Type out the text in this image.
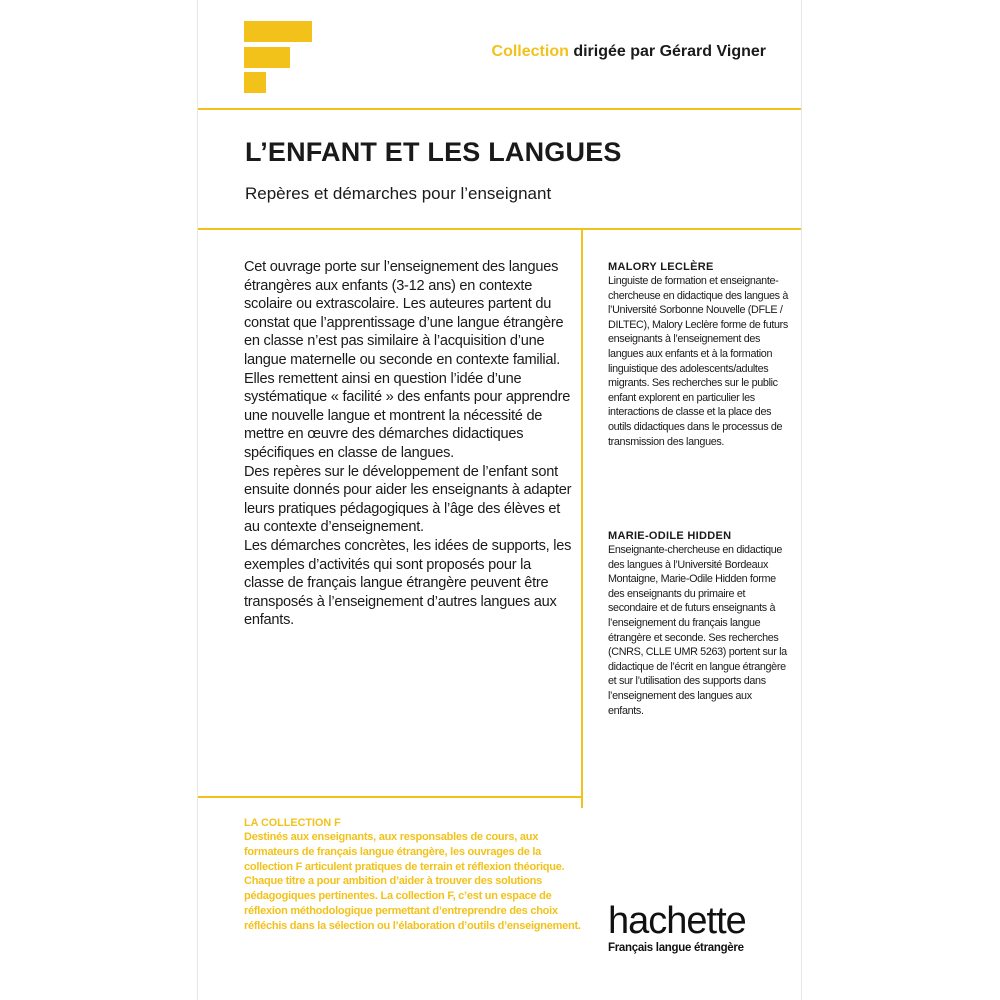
Collection dirigée par Gérard Vigner
L’ENFANT ET LES LANGUES
Repères et démarches pour l’enseignant

Cet ouvrage porte sur l’enseignement des langues étrangères aux enfants (3-12 ans) en contexte scolaire ou extrascolaire. Les auteures partent du constat que l’apprentissage d’une langue étrangère en classe n’est pas similaire à l’acquisition d’une langue maternelle ou seconde en contexte familial. Elles remettent ainsi en question l’idée d’une systématique « facilité » des enfants pour apprendre une nouvelle langue et montrent la nécessité de mettre en œuvre des démarches didactiques spécifiques en classe de langues.

Des repères sur le développement de l’enfant sont ensuite donnés pour aider les enseignants à adapter leurs pratiques pédagogiques à l’âge des élèves et au contexte d’enseignement.

Les démarches concrètes, les idées de supports, les exemples d’activités qui sont proposés pour la classe de français langue étrangère peuvent être transposés à l’enseignement d’autres langues aux enfants.

MALORY LECLÈRE
Linguiste de formation et enseignante-chercheuse en didactique des langues à l’Université Sorbonne Nouvelle (DFLE / DILTEC), Malory Leclère forme de futurs enseignants à l’enseignement des langues aux enfants et à la formation linguistique des adolescents/adultes migrants. Ses recherches sur le public enfant explorent en particulier les interactions de classe et la place des outils didactiques dans le processus de transmission des langues.
MARIE-ODILE HIDDEN
Enseignante-chercheuse en didactique des langues à l’Université Bordeaux Montaigne, Marie-Odile Hidden forme des enseignants du primaire et secondaire et de futurs enseignants à l’enseignement du français langue étrangère et seconde. Ses recherches (CNRS, CLLE UMR 5263) portent sur la didactique de l’écrit en langue étrangère et sur l’utilisation des supports dans l’enseignement des langues aux enfants.
LA COLLECTION F
Destinés aux enseignants, aux responsables de cours, aux formateurs de français langue étrangère, les ouvrages de la collection F articulent pratiques de terrain et réflexion théorique. Chaque titre a pour ambition d’aider à trouver des solutions pédagogiques pertinentes. La collection F, c’est un espace de réflexion méthodologique permettant d’entreprendre des choix réfléchis dans la sélection ou l’élaboration d’outils d’enseignement. hachette
Français langue étrangère
